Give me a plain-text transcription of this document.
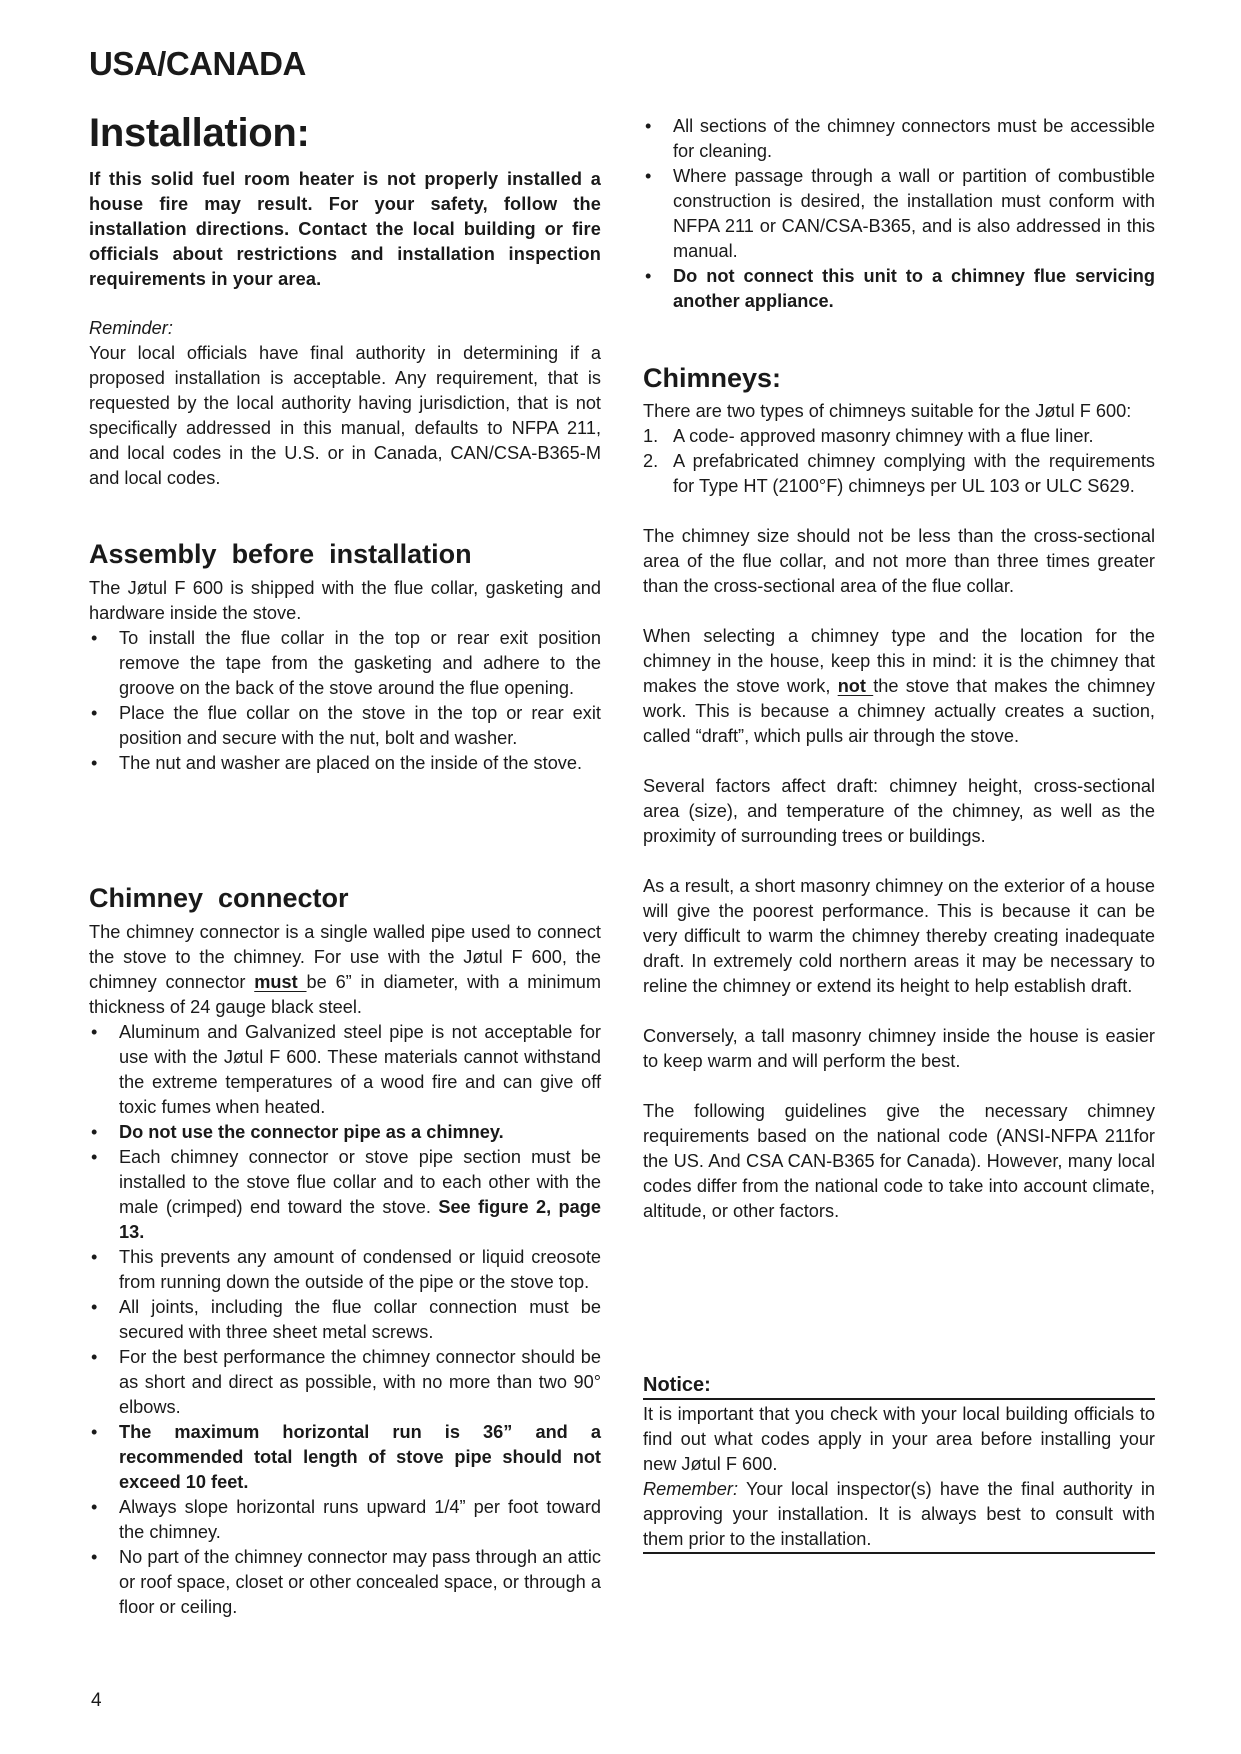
USA/CANADA
Installation:

If this solid fuel room heater is not properly installed a house fire may result. For your safety, follow the installation directions. Contact the local building or fire officials about restrictions and installation inspection requirements in your area.

Reminder:

Your local officials have final authority in determining if a proposed installation is acceptable. Any requirement, that is requested by the local authority having jurisdiction, that is not specifically addressed in this manual, defaults to NFPA 211, and local codes in the U.S. or in Canada, CAN/CSA-B365-M and local codes.

Assembly  before  installation

The Jøtul F 600 is shipped with the flue collar, gasketing and hardware inside the stove.

•	To install the flue collar in the top or rear exit position remove the tape from the gasketing and adhere to the groove on the back of the stove around the flue opening.
•	Place the flue collar on the stove in the top or rear exit position and secure with the nut, bolt and washer.
•	The nut and washer are placed on the inside of the stove.
Chimney  connector

The chimney connector is a single walled pipe used to connect the stove to the chimney. For use with the Jøtul F 600, the chimney connector must be 6” in diameter, with a minimum thickness of 24 gauge black steel.

•	Aluminum and Galvanized steel pipe is not acceptable for use with the Jøtul F 600. These materials cannot withstand the extreme temperatures of a wood fire and can give off toxic fumes when heated.
•	Do not use the connector pipe as a chimney.
•	Each chimney connector or stove pipe section must be installed to the stove flue collar and to each other with the male (crimped) end toward the stove. See figure 2, page 13.
•	This prevents any amount of condensed or liquid creosote from running down the outside of the pipe or the stove top.
•	All joints, including the flue collar connection must be secured with three sheet metal screws.
•	For the best performance the chimney connector should be as short and direct as possible, with no more than two 90° elbows.
•	The maximum horizontal run is 36” and a recommended total length of stove pipe should not exceed 10 feet.
•	Always slope horizontal runs upward 1/4” per foot toward the chimney.
•	No part of the chimney connector may pass through an attic or roof space, closet or other concealed space, or through a floor or ceiling.
•	All sections of the chimney connectors must be accessible for cleaning.
•	Where passage through a wall or partition of combustible construction is desired, the installation must conform with NFPA 211 or CAN/CSA-B365, and is also addressed in this manual.
•	Do not connect this unit to a chimney flue servicing another appliance.
Chimneys:

There are two types of chimneys suitable for the Jøtul F 600:

1. A code- approved masonry chimney with a flue liner.
2. A prefabricated chimney complying with the requirements for Type HT (2100°F) chimneys per UL 103 or ULC S629.

The chimney size should not be less than the cross-sectional area of the flue collar, and not more than three times greater than the cross-sectional area of the flue collar.

When selecting a chimney type and the location for the chimney in the house, keep this in mind: it is the chimney that makes the stove work, not the stove that makes the chimney work. This is because a chimney actually creates a suction, called “draft”, which pulls air through the stove.

Several factors affect draft: chimney height, cross-sectional area (size), and temperature of the chimney, as well as the proximity of surrounding trees or buildings.

As a result, a short masonry chimney on the exterior of a house will give the poorest performance. This is because it can be very difficult to warm the chimney thereby creating inadequate draft. In extremely cold northern areas it may be necessary to reline the chimney or extend its height to help establish draft.

Conversely, a tall masonry chimney inside the house is easier to keep warm and will perform the best.

The following guidelines give the necessary chimney requirements based on the national code (ANSI-NFPA 211for the US. And CSA CAN-B365 for Canada). However, many local codes differ from the national code to take into account climate, altitude, or other factors.

Notice:

It is important that you check with your local building officials to find out what codes apply in your area before installing your new Jøtul F 600.

Remember: Your local inspector(s) have the final authority in approving your installation. It is always best to consult with them prior to the installation.

4
